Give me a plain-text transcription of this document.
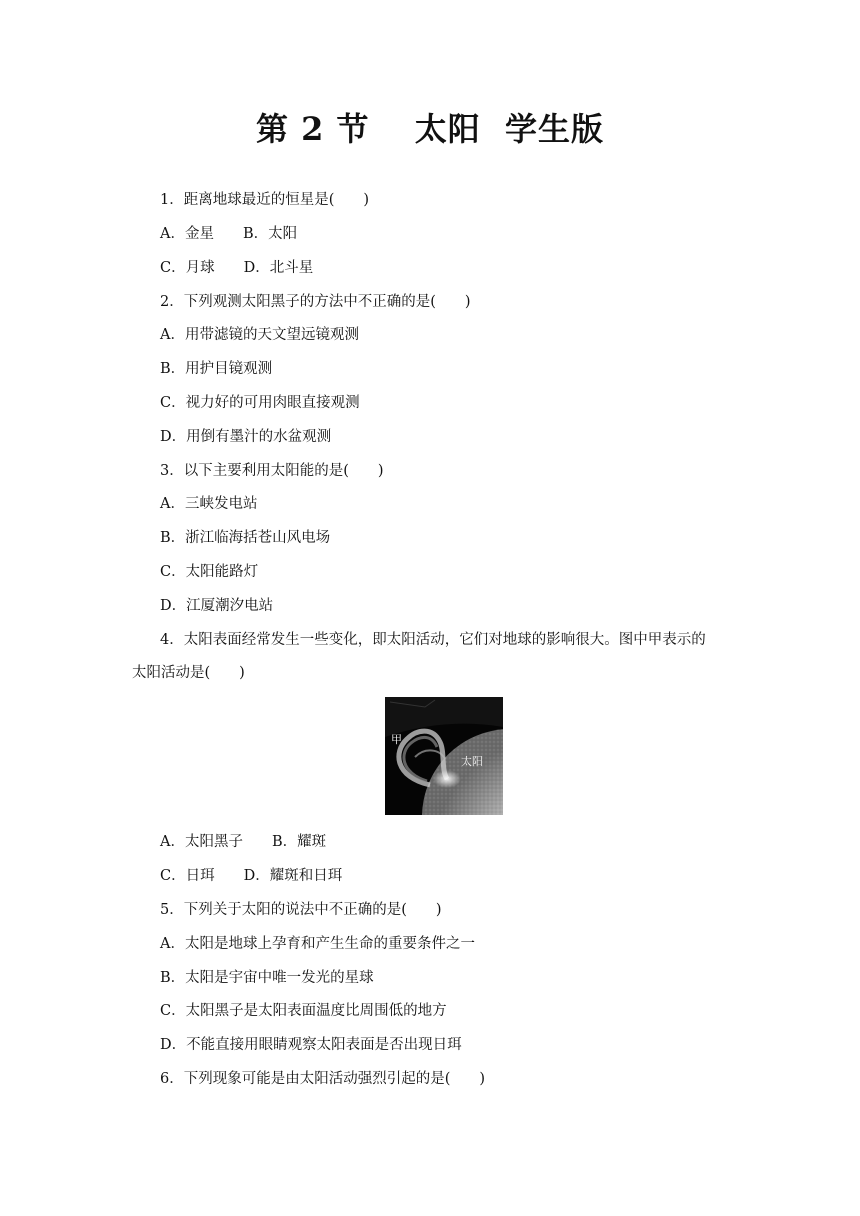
第 2 节　 太阳  学生版

1．距离地球最近的恒星是(　　)

A．金星　　B．太阳

C．月球　　D．北斗星

2．下列观测太阳黑子的方法中不正确的是(　　)

A．用带滤镜的天文望远镜观测

B．用护目镜观测

C．视力好的可用肉眼直接观测

D．用倒有墨汁的水盆观测

3．以下主要利用太阳能的是(　　)

A．三峡发电站

B．浙江临海括苍山风电场

C．太阳能路灯

D．江厦潮汐电站

4．太阳表面经常发生一些变化，即太阳活动，它们对地球的影响很大。图中甲表示的

太阳活动是(　　)

甲

太阳

A．太阳黑子　　B．耀斑

C．日珥　　D．耀斑和日珥

5．下列关于太阳的说法中不正确的是(　　)

A．太阳是地球上孕育和产生生命的重要条件之一

B．太阳是宇宙中唯一发光的星球

C．太阳黑子是太阳表面温度比周围低的地方

D．不能直接用眼睛观察太阳表面是否出现日珥

6．下列现象可能是由太阳活动强烈引起的是(　　)
